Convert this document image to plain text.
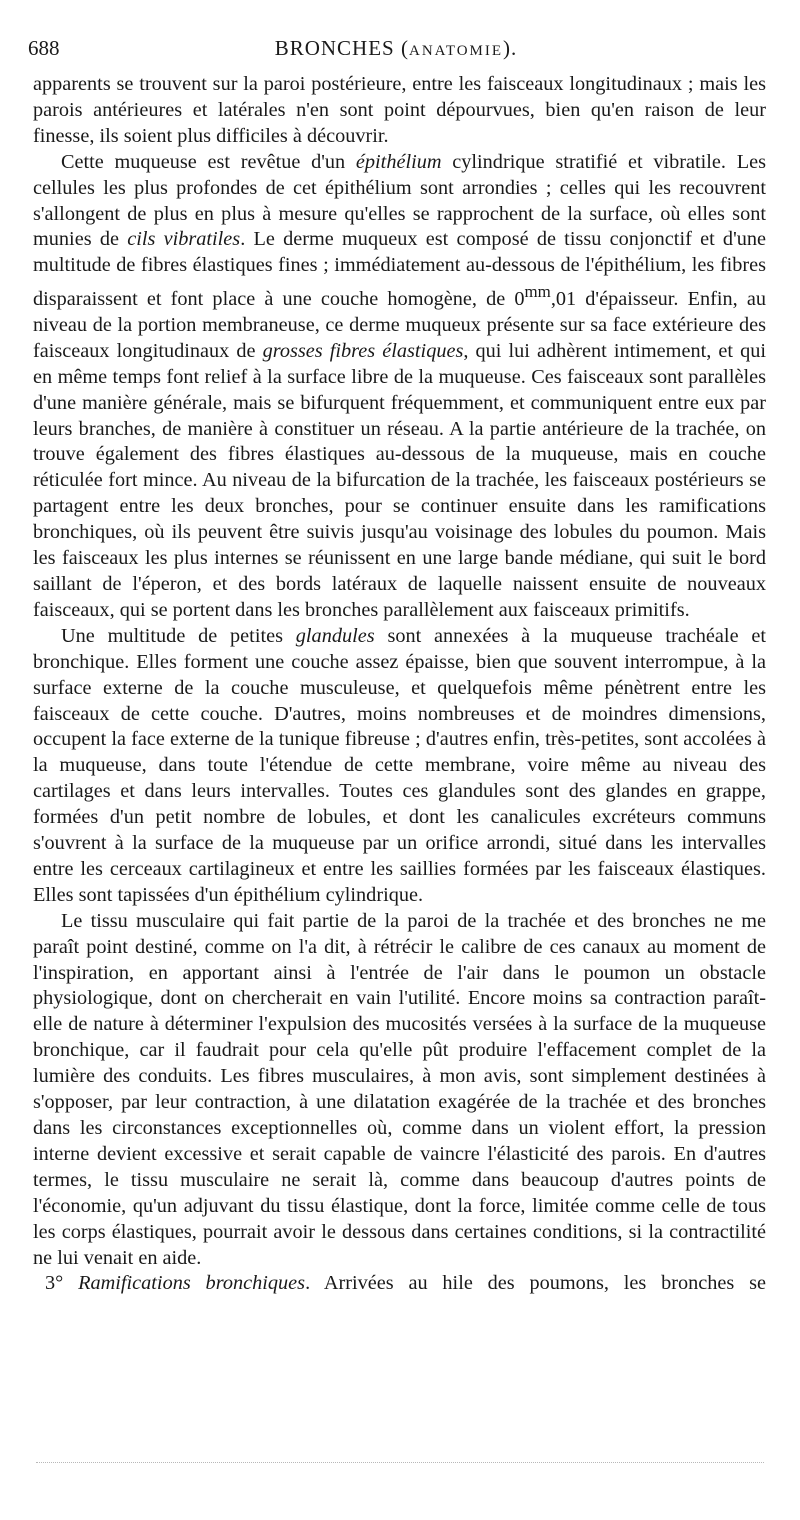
688	BRONCHES (ANATOMIE).

apparents se trouvent sur la paroi postérieure, entre les faisceaux longitudinaux ; mais les parois antérieures et latérales n'en sont point dépourvues, bien qu'en raison de leur finesse, ils soient plus difficiles à découvrir.

Cette muqueuse est revêtue d'un épithélium cylindrique stratifié et vibratile. Les cellules les plus profondes de cet épithélium sont arrondies ; celles qui les recouvrent s'allongent de plus en plus à mesure qu'elles se rapprochent de la surface, où elles sont munies de cils vibratiles. Le derme muqueux est composé de tissu conjonctif et d'une multitude de fibres élastiques fines ; immédiatement au-dessous de l'épithélium, les fibres disparaissent et font place à une couche homogène, de $0^{mm},01$ d'épaisseur. Enfin, au niveau de la portion membraneuse, ce derme muqueux présente sur sa face extérieure des faisceaux longitudinaux de grosses fibres élastiques, qui lui adhèrent intimement, et qui en même temps font relief à la surface libre de la muqueuse. Ces faisceaux sont parallèles d'une manière générale, mais se bifurquent fréquemment, et communiquent entre eux par leurs branches, de manière à constituer un réseau. A la partie antérieure de la trachée, on trouve également des fibres élastiques au-dessous de la muqueuse, mais en couche réticulée fort mince. Au niveau de la bifurcation de la trachée, les faisceaux postérieurs se partagent entre les deux bronches, pour se continuer ensuite dans les ramifications bronchiques, où ils peuvent être suivis jusqu'au voisinage des lobules du poumon. Mais les faisceaux les plus internes se réunissent en une large bande médiane, qui suit le bord saillant de l'éperon, et des bords latéraux de laquelle naissent ensuite de nouveaux faisceaux, qui se portent dans les bronches parallèlement aux faisceaux primitifs.

Une multitude de petites glandules sont annexées à la muqueuse trachéale et bronchique. Elles forment une couche assez épaisse, bien que souvent interrompue, à la surface externe de la couche musculeuse, et quelquefois même pénètrent entre les faisceaux de cette couche. D'autres, moins nombreuses et de moindres dimensions, occupent la face externe de la tunique fibreuse ; d'autres enfin, très-petites, sont accolées à la muqueuse, dans toute l'étendue de cette membrane, voire même au niveau des cartilages et dans leurs intervalles. Toutes ces glandules sont des glandes en grappe, formées d'un petit nombre de lobules, et dont les canalicules excréteurs communs s'ouvrent à la surface de la muqueuse par un orifice arrondi, situé dans les intervalles entre les cerceaux cartilagineux et entre les saillies formées par les faisceaux élastiques. Elles sont tapissées d'un épithélium cylindrique.

Le tissu musculaire qui fait partie de la paroi de la trachée et des bronches ne me paraît point destiné, comme on l'a dit, à rétrécir le calibre de ces canaux au moment de l'inspiration, en apportant ainsi à l'entrée de l'air dans le poumon un obstacle physiologique, dont on chercherait en vain l'utilité. Encore moins sa contraction paraît-elle de nature à déterminer l'expulsion des mucosités versées à la surface de la muqueuse bronchique, car il faudrait pour cela qu'elle pût produire l'effacement complet de la lumière des conduits. Les fibres musculaires, à mon avis, sont simplement destinées à s'opposer, par leur contraction, à une dilatation exagérée de la trachée et des bronches dans les circonstances exceptionnelles où, comme dans un violent effort, la pression interne devient excessive et serait capable de vaincre l'élasticité des parois. En d'autres termes, le tissu musculaire ne serait là, comme dans beaucoup d'autres points de l'économie, qu'un adjuvant du tissu élastique, dont la force, limitée comme celle de tous les corps élastiques, pourrait avoir le dessous dans certaines conditions, si la contractilité ne lui venait en aide.

3° Ramifications bronchiques. Arrivées au hile des poumons, les bronches se
